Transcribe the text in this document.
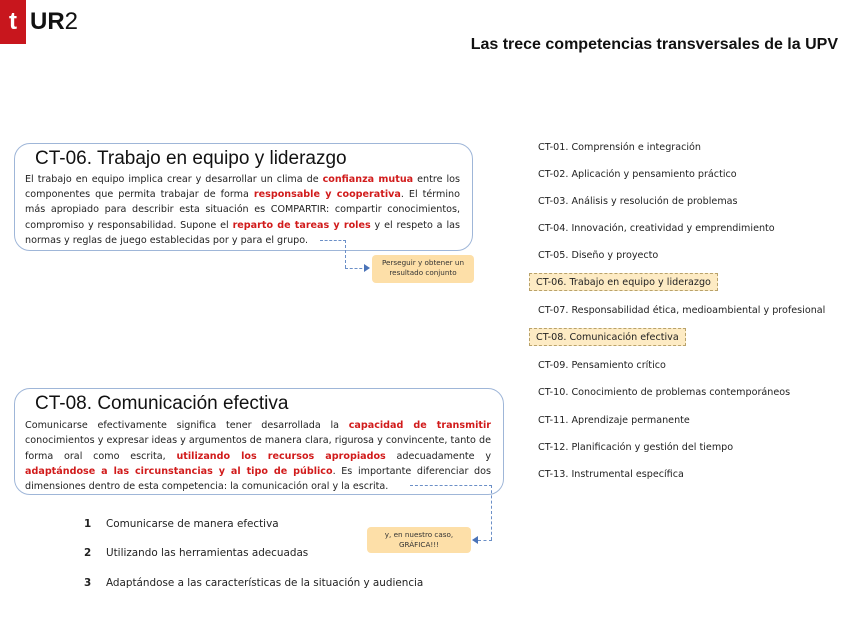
t UR 2
Las trece competencias transversales de la UPV
CT-06. Trabajo en equipo y liderazgo
El trabajo en equipo implica crear y desarrollar un clima de confianza mutua entre los componentes que permita trabajar de forma responsable y cooperativa. El término más apropiado para describir esta situación es COMPARTIR: compartir conocimientos, compromiso y responsabilidad. Supone el reparto de tareas y roles y el respeto a las normas y reglas de juego establecidas por y para el grupo.
Perseguir y obtener un resultado conjunto
CT-08. Comunicación efectiva
Comunicarse efectivamente significa tener desarrollada la capacidad de transmitir conocimientos y expresar ideas y argumentos de manera clara, rigurosa y convincente, tanto de forma oral como escrita, utilizando los recursos apropiados adecuadamente y adaptándose a las circunstancias y al tipo de público. Es importante diferenciar dos dimensiones dentro de esta competencia: la comunicación oral y la escrita.
y, en nuestro caso, GRÁFICA!!!
CT-01. Comprensión e integración
CT-02. Aplicación y pensamiento práctico
CT-03. Análisis y resolución de problemas
CT-04. Innovación, creatividad y emprendimiento
CT-05. Diseño y proyecto
CT-06. Trabajo en equipo y liderazgo
CT-07. Responsabilidad ética, medioambiental y profesional
CT-08. Comunicación efectiva
CT-09. Pensamiento crítico
CT-10. Conocimiento de problemas contemporáneos
CT-11. Aprendizaje permanente
CT-12. Planificación y gestión del tiempo
CT-13. Instrumental específica
1 Comunicarse de manera efectiva
2 Utilizando las herramientas adecuadas
3 Adaptándose a las características de la situación y audiencia
